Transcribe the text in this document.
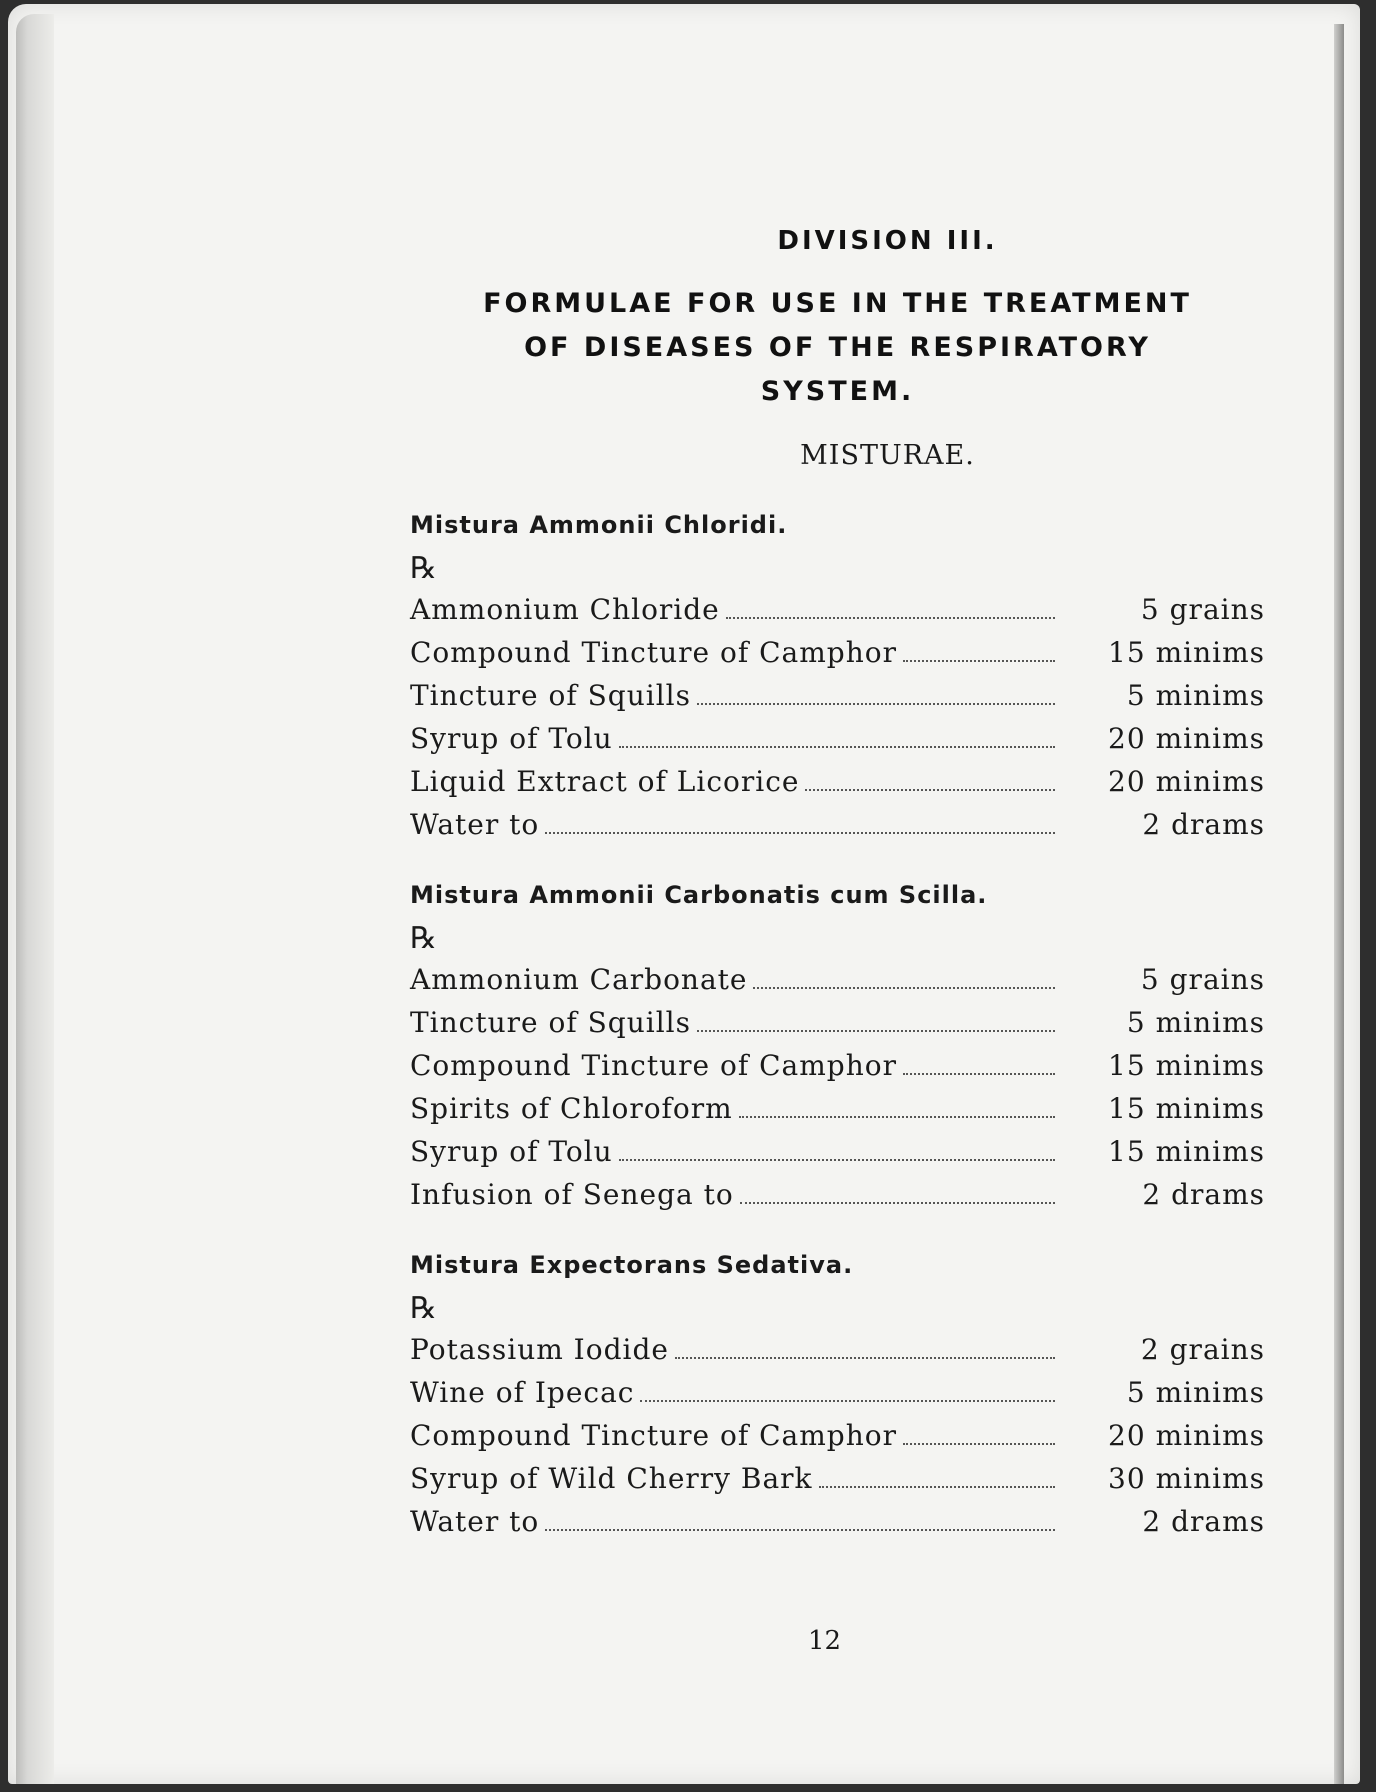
DIVISION III.

FORMULAE FOR USE IN THE TREATMENT

OF DISEASES OF THE RESPIRATORY

SYSTEM.

MISTURAE.
Mistura Ammonii Chloridi.
℞
Ammonium Chloride	5 grains
Compound Tincture of Camphor	15 minims
Tincture of Squills	5 minims
Syrup of Tolu	20 minims
Liquid Extract of Licorice	20 minims
Water to	2 drams
Mistura Ammonii Carbonatis cum Scilla.
℞
Ammonium Carbonate	5 grains
Tincture of Squills	5 minims
Compound Tincture of Camphor	15 minims
Spirits of Chloroform	15 minims
Syrup of Tolu	15 minims
Infusion of Senega to	2 drams
Mistura Expectorans Sedativa.
℞
Potassium Iodide	2 grains
Wine of Ipecac	5 minims
Compound Tincture of Camphor	20 minims
Syrup of Wild Cherry Bark	30 minims
Water to	2 drams
12
